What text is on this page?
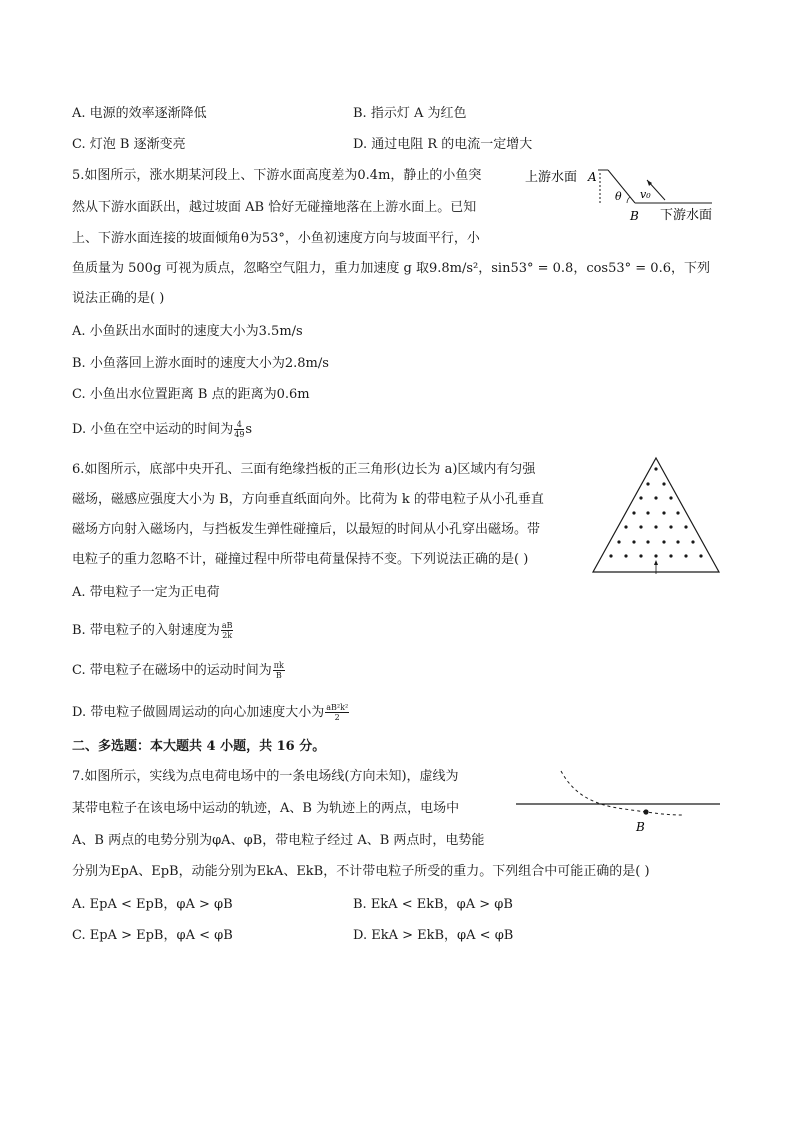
A. 电源的效率逐渐降低	B. 指示灯 A 为红色
C. 灯泡 B 逐渐变亮	D. 通过电阻 R 的电流一定增大
5.如图所示，涨水期某河段上、下游水面高度差为0.4m，静止的小鱼突
然从下游水面跃出，越过坡面 AB 恰好无碰撞地落在上游水面上。已知
上、下游水面连接的坡面倾角θ为53°，小鱼初速度方向与坡面平行，小
鱼质量为 500g 可视为质点，忽略空气阻力，重力加速度 g 取9.8m/s²，sin53° = 0.8，cos53° = 0.6，下列
说法正确的是( )
A. 小鱼跃出水面时的速度大小为3.5m/s
B. 小鱼落回上游水面时的速度大小为2.8m/s
C. 小鱼出水位置距离 B 点的距离为0.6m
D. 小鱼在空中运动的时间为 $\frac{4}{49}$ s
上游水面 A
θ v₀
B 下游水面
6.如图所示，底部中央开孔、三面有绝缘挡板的正三角形(边长为 a)区域内有匀强
磁场，磁感应强度大小为 B，方向垂直纸面向外。比荷为 k 的带电粒子从小孔垂直
磁场方向射入磁场内，与挡板发生弹性碰撞后，以最短的时间从小孔穿出磁场。带
电粒子的重力忽略不计，碰撞过程中所带电荷量保持不变。下列说法正确的是( )
A. 带电粒子一定为正电荷
B. 带电粒子的入射速度为 $\frac{aB}{2k}$
C. 带电粒子在磁场中的运动时间为 $\frac{\pi k}{B}$
D. 带电粒子做圆周运动的向心加速度大小为 $\frac{\text{aB²k²}}{2}$
二、多选题：本大题共 4 小题，共 16 分。
7.如图所示，实线为点电荷电场中的一条电场线(方向未知)，虚线为
某带电粒子在该电场中运动的轨迹，A、B 为轨迹上的两点，电场中
A、B 两点的电势分别为φA、φB，带电粒子经过 A、B 两点时，电势能
分别为EpA、EpB，动能分别为EkA、EkB，不计带电粒子所受的重力。下列组合中可能正确的是( )
A. EpA < EpB，φA > φB	B. EkA < EkB，φA > φB
C. EpA > EpB，φA < φB	D. EkA > EkB，φA < φB
B
